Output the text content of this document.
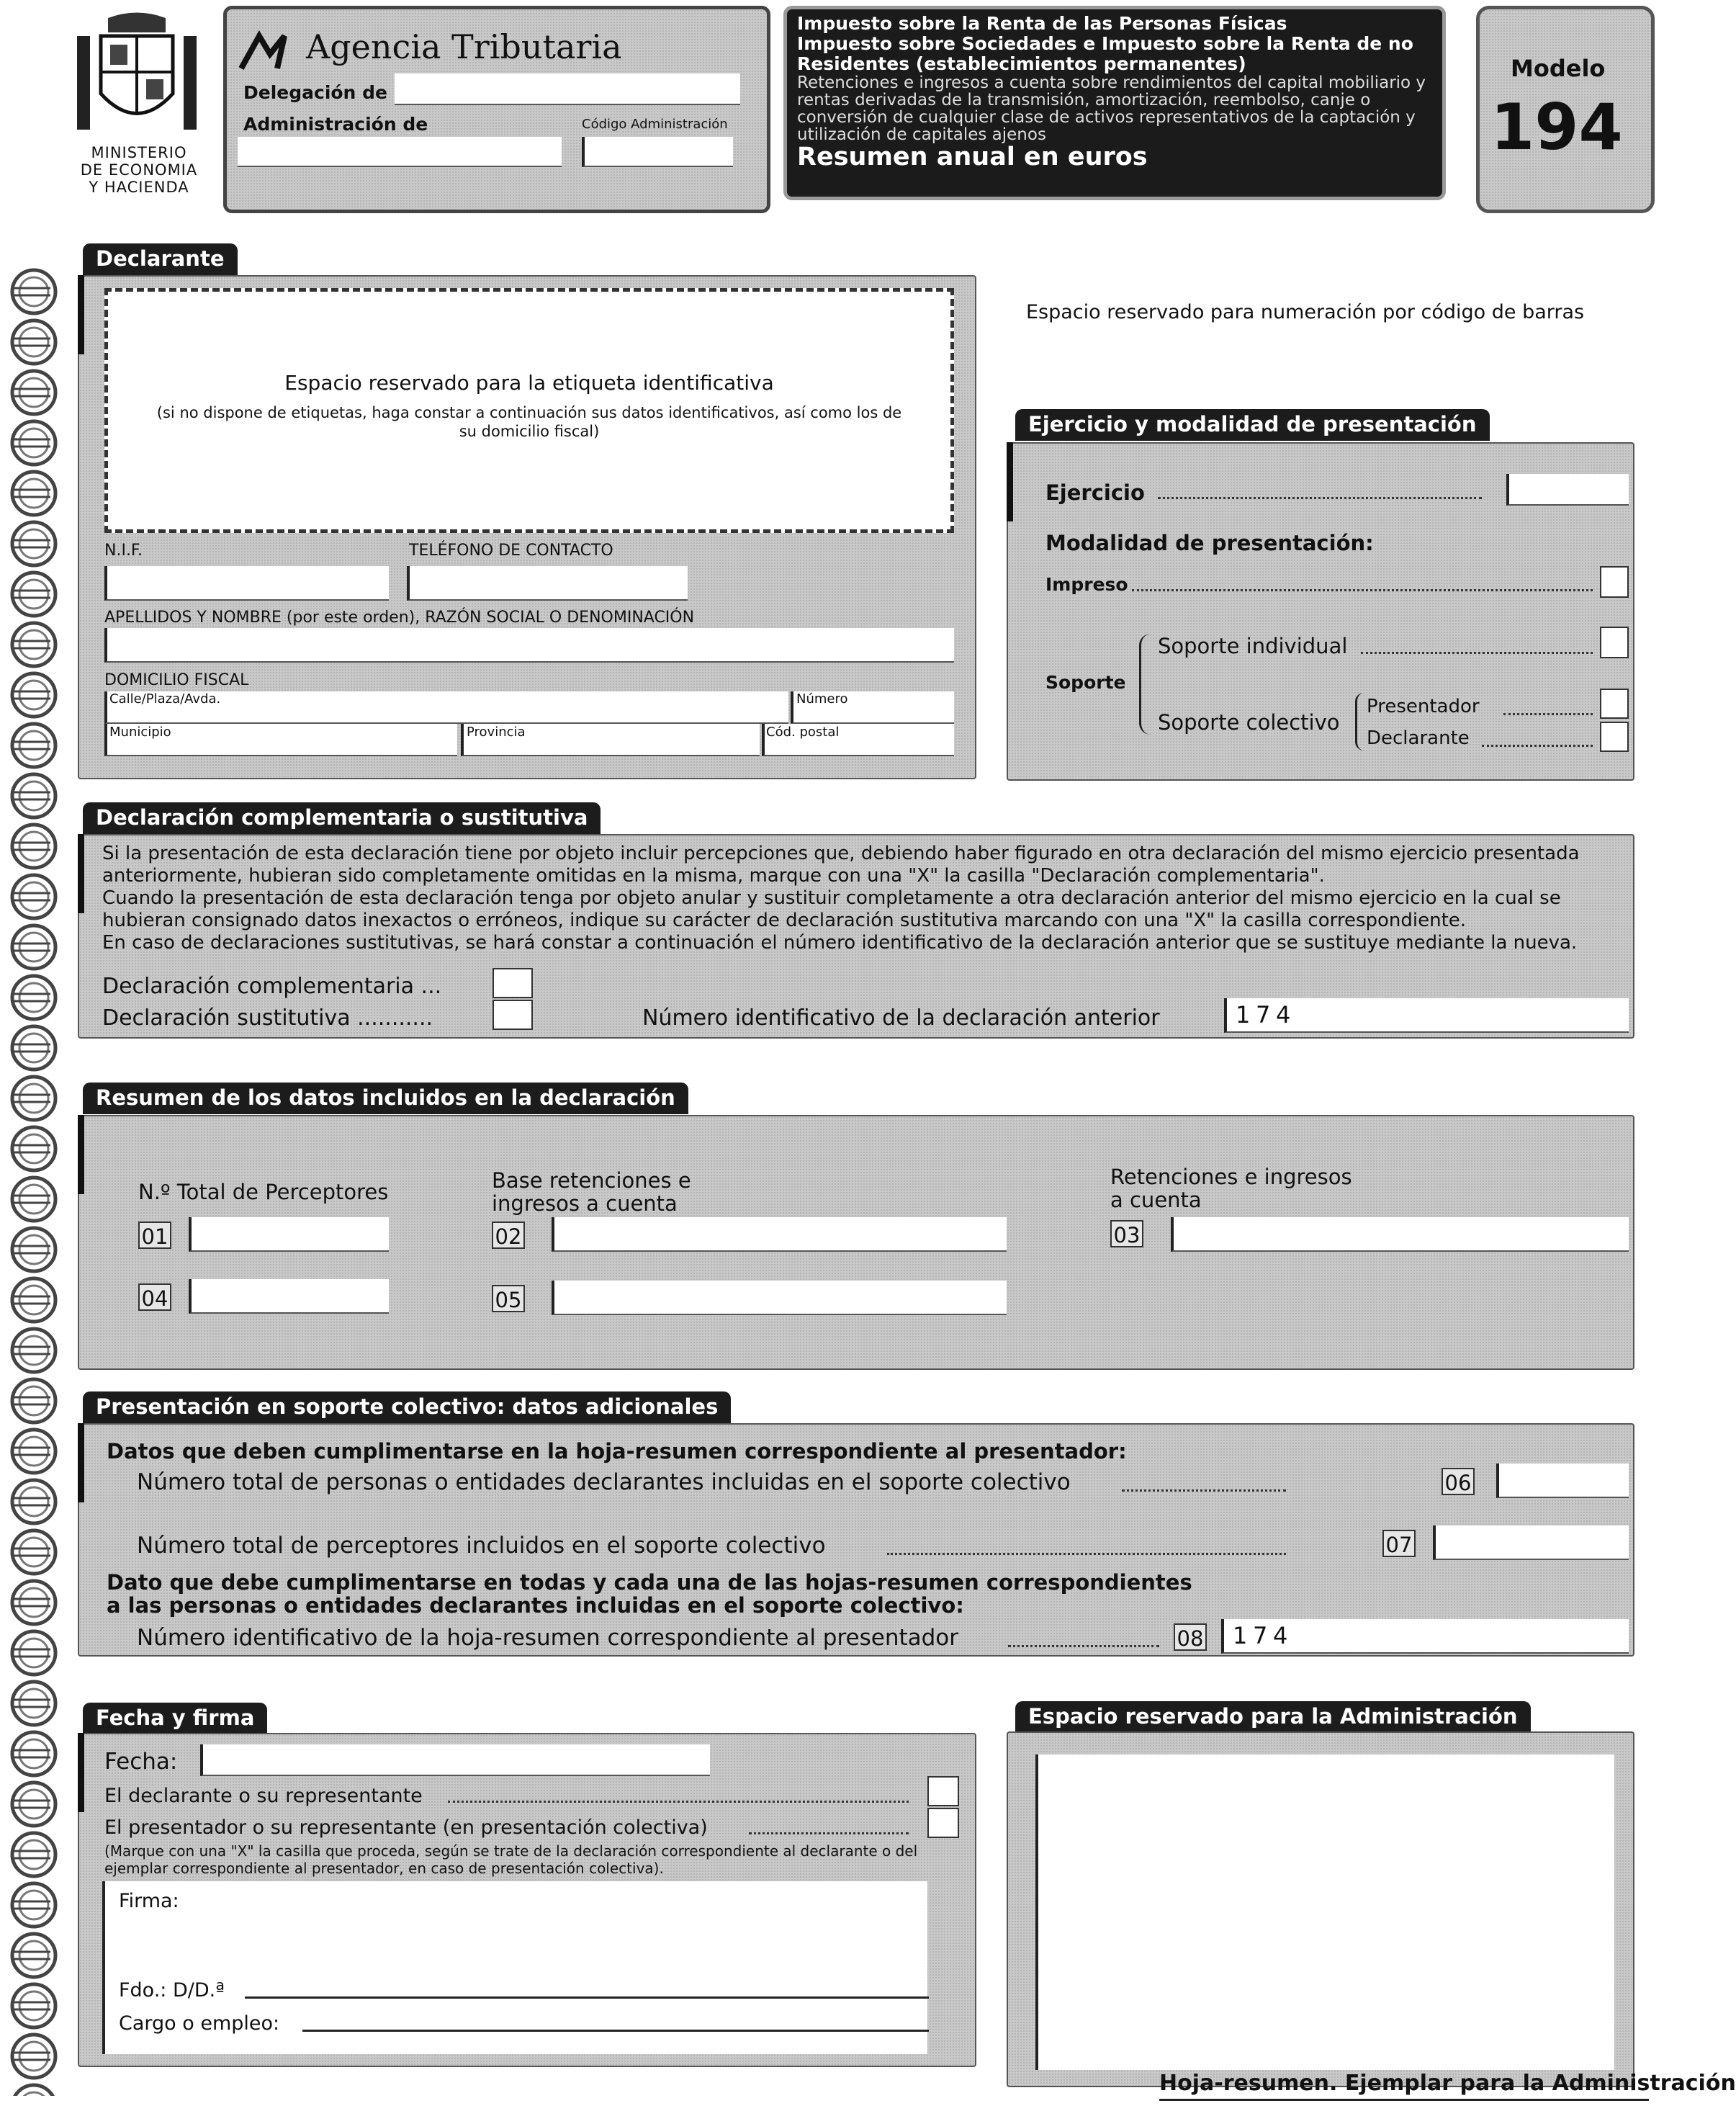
MINISTERIO
DE ECONOMIA
Y HACIENDA
Agencia Tributaria
Delegación de
Administración de	Código Administración
Impuesto sobre la Renta de las Personas Físicas
Impuesto sobre Sociedades e Impuesto sobre la Renta de no Residentes (establecimientos permanentes)
Retenciones e ingresos a cuenta sobre rendimientos del capital mobiliario y rentas derivadas de la transmisión, amortización, reembolso, canje o conversión de cualquier clase de activos representativos de la captación y utilización de capitales ajenos
Resumen anual en euros
Modelo
194
Espacio reservado para numeración por código de barras
Declarante
Espacio reservado para la etiqueta identificativa
(si no dispone de etiquetas, haga constar a continuación sus datos identificativos, así como los de su domicilio fiscal)
N.I.F.	TELÉFONO DE CONTACTO
APELLIDOS Y NOMBRE (por este orden), RAZÓN SOCIAL O DENOMINACIÓN
DOMICILIO FISCAL
Calle/Plaza/Avda.	Número
Municipio	Provincia	Cód. postal
Ejercicio y modalidad de presentación
Ejercicio
Modalidad de presentación:
Impreso
Soporte
Soporte individual
Soporte colectivo
Presentador
Declarante
Declaración complementaria o sustitutiva
Si la presentación de esta declaración tiene por objeto incluir percepciones que, debiendo haber figurado en otra declaración del mismo ejercicio presentada anteriormente, hubieran sido completamente omitidas en la misma, marque con una "X" la casilla "Declaración complementaria".
Cuando la presentación de esta declaración tenga por objeto anular y sustituir completamente a otra declaración anterior del mismo ejercicio en la cual se hubieran consignado datos inexactos o erróneos, indique su carácter de declaración sustitutiva marcando con una "X" la casilla correspondiente.
En caso de declaraciones sustitutivas, se hará constar a continuación el número identificativo de la declaración anterior que se sustituye mediante la nueva.
Declaración complementaria ...
Declaración sustitutiva ...........	Número identificativo de la declaración anterior	1 7 4
Resumen de los datos incluidos en la declaración
N.º Total de Perceptores	Base retenciones e
ingresos a cuenta
Retenciones e ingresos
a cuenta
01	02	03
04	05
Presentación en soporte colectivo: datos adicionales
Datos que deben cumplimentarse en la hoja-resumen correspondiente al presentador:
Número total de personas o entidades declarantes incluidas en el soporte colectivo	06
Número total de perceptores incluidos en el soporte colectivo	07
Dato que debe cumplimentarse en todas y cada una de las hojas-resumen correspondientes
a las personas o entidades declarantes incluidas en el soporte colectivo:
Número identificativo de la hoja-resumen correspondiente al presentador	08 1 7 4
Fecha y firma
Fecha:
El declarante o su representante
El presentador o su representante (en presentación colectiva)
(Marque con una "X" la casilla que proceda, según se trate de la declaración correspondiente al declarante o del ejemplar correspondiente al presentador, en caso de presentación colectiva).
Firma:
Fdo.: D/D.ª
Cargo o empleo:
Espacio reservado para la Administración
Hoja-resumen. Ejemplar para la Administración
